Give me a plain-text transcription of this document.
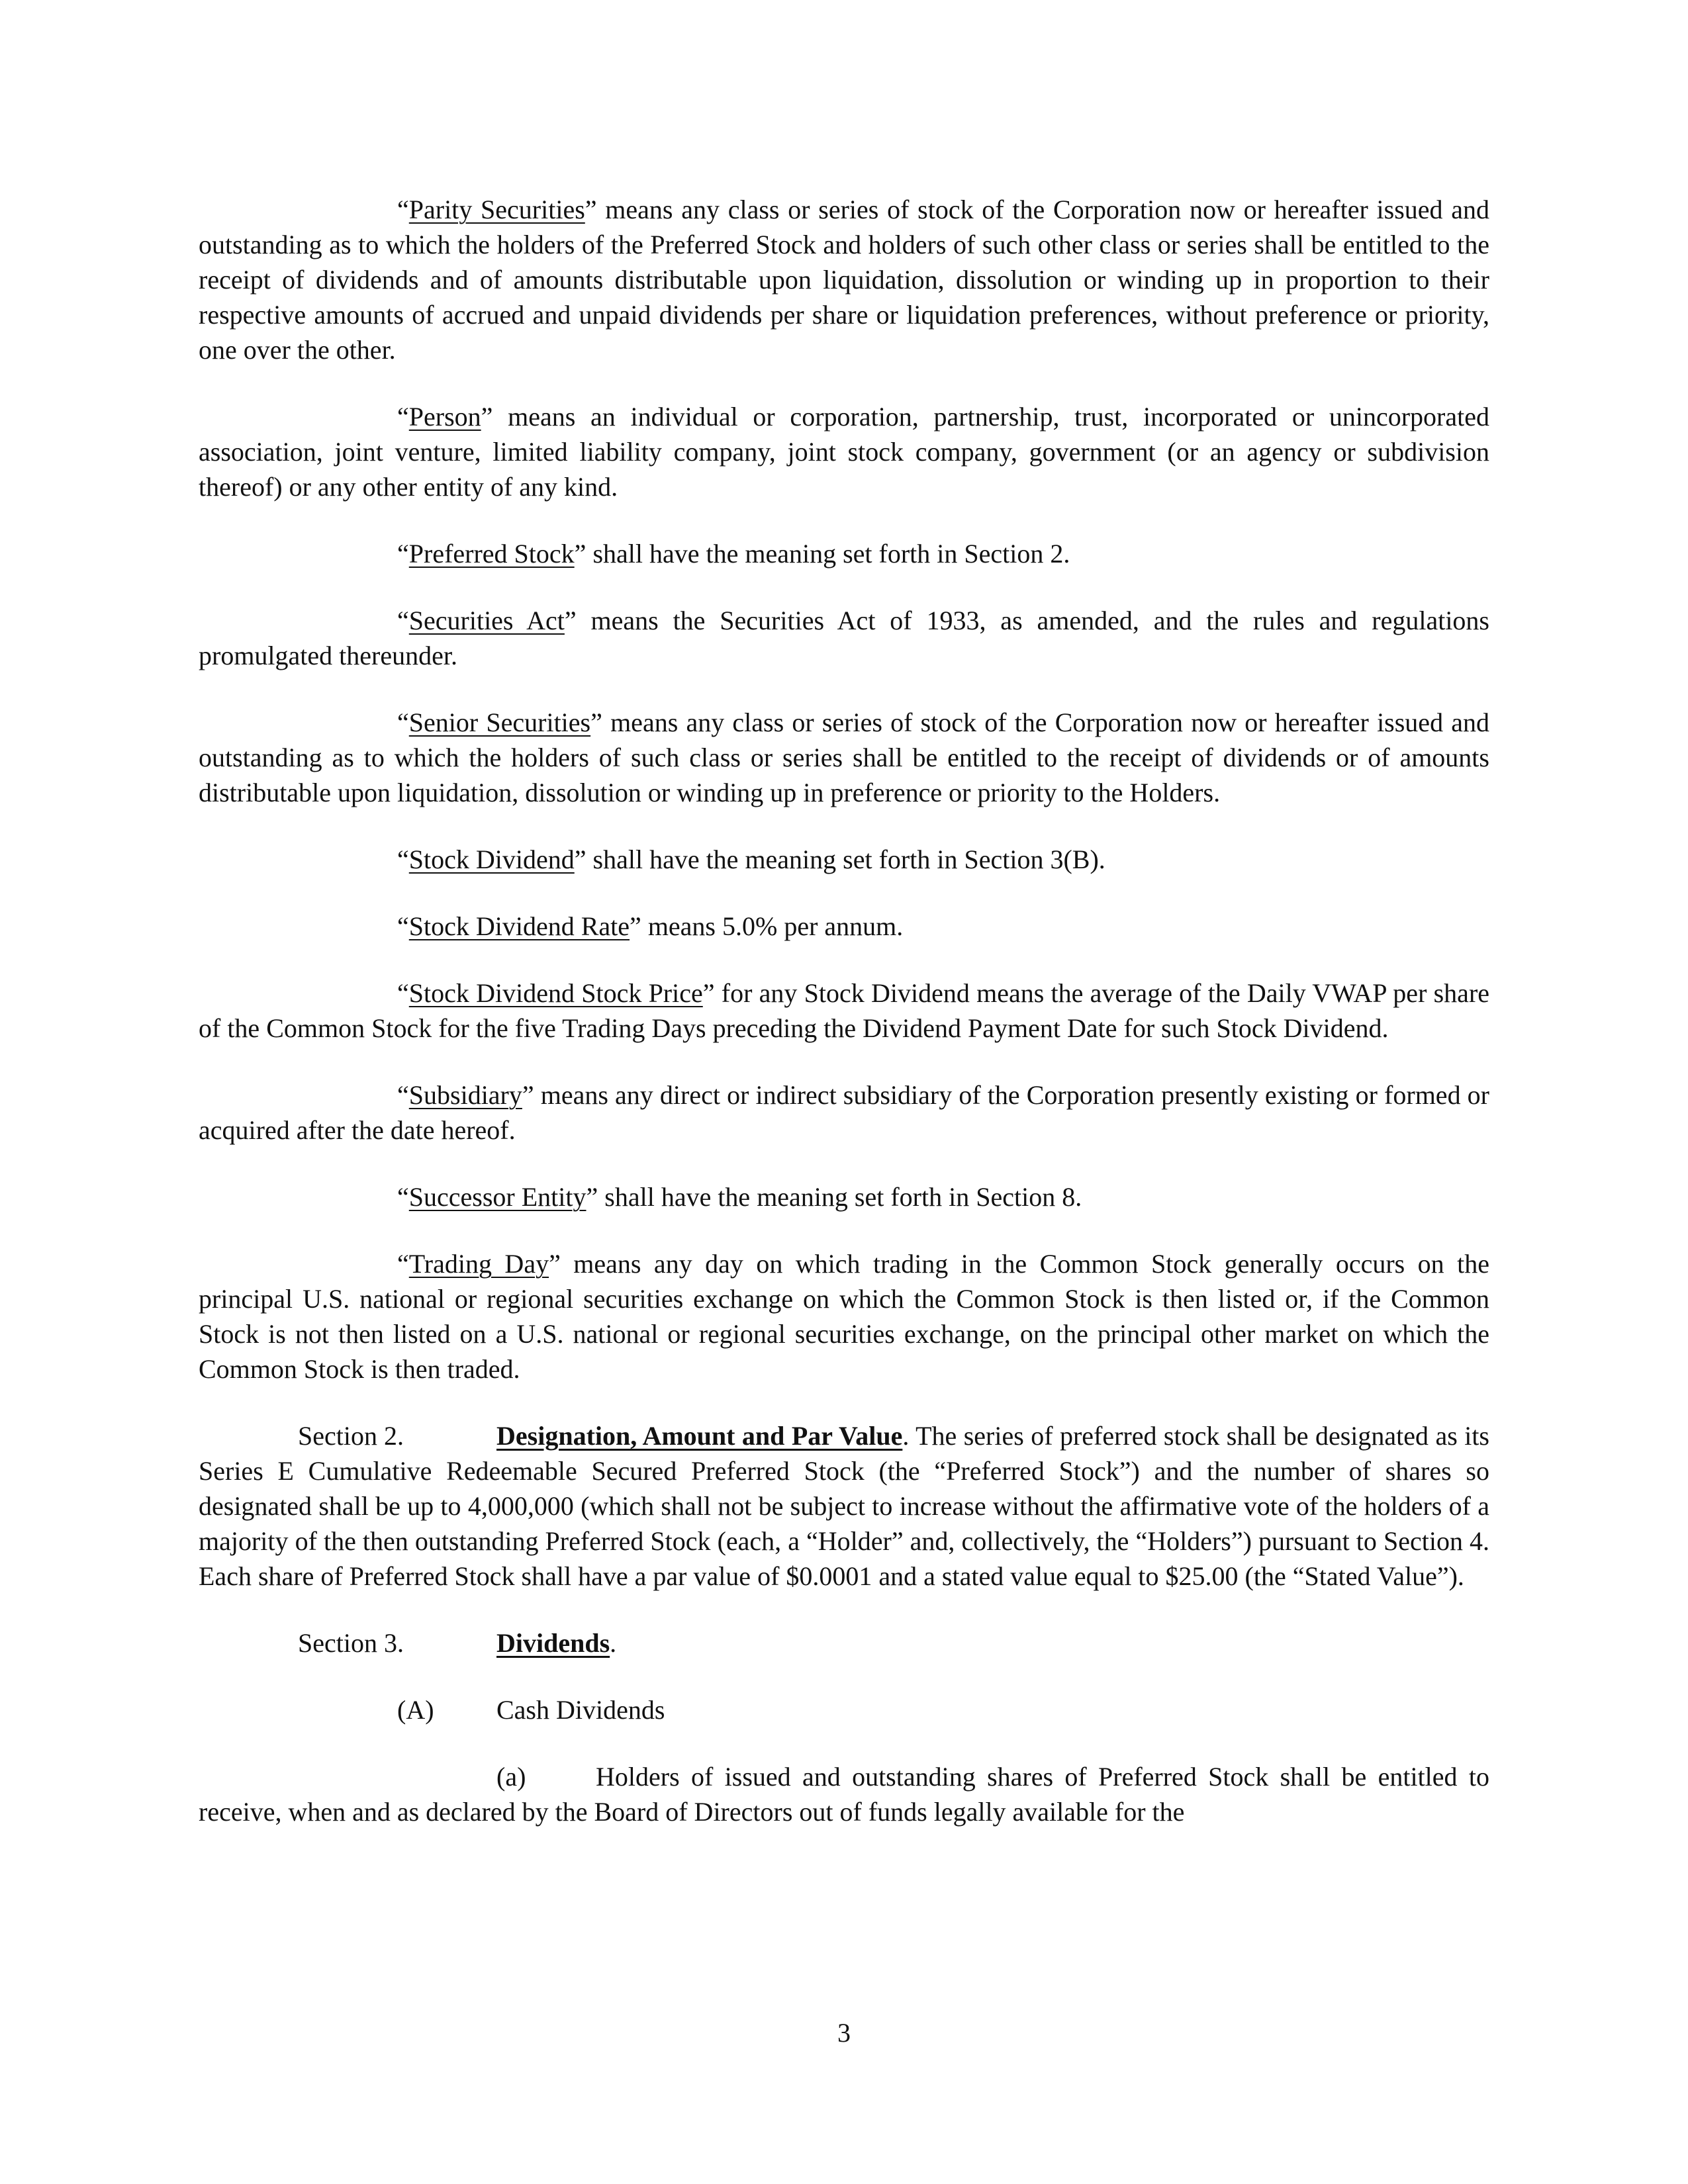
“Parity Securities” means any class or series of stock of the Corporation now or hereafter issued and outstanding as to which the holders of the Preferred Stock and holders of such other class or series shall be entitled to the receipt of dividends and of amounts distributable upon liquidation, dissolution or winding up in proportion to their respective amounts of accrued and unpaid dividends per share or liquidation preferences, without preference or priority, one over the other.

“Person” means an individual or corporation, partnership, trust, incorporated or unincorporated association, joint venture, limited liability company, joint stock company, government (or an agency or subdivision thereof) or any other entity of any kind.

“Preferred Stock” shall have the meaning set forth in Section 2.

“Securities Act” means the Securities Act of 1933, as amended, and the rules and regulations promulgated thereunder.

“Senior Securities” means any class or series of stock of the Corporation now or hereafter issued and outstanding as to which the holders of such class or series shall be entitled to the receipt of dividends or of amounts distributable upon liquidation, dissolution or winding up in preference or priority to the Holders.

“Stock Dividend” shall have the meaning set forth in Section 3(B).

“Stock Dividend Rate” means 5.0% per annum.

“Stock Dividend Stock Price” for any Stock Dividend means the average of the Daily VWAP per share of the Common Stock for the five Trading Days preceding the Dividend Payment Date for such Stock Dividend.

“Subsidiary” means any direct or indirect subsidiary of the Corporation presently existing or formed or acquired after the date hereof.

“Successor Entity” shall have the meaning set forth in Section 8.

“Trading Day” means any day on which trading in the Common Stock generally occurs on the principal U.S. national or regional securities exchange on which the Common Stock is then listed or, if the Common Stock is not then listed on a U.S. national or regional securities exchange, on the principal other market on which the Common Stock is then traded.

Section 2.	Designation, Amount and Par Value. The series of preferred stock shall be designated as its Series E Cumulative Redeemable Secured Preferred Stock (the “Preferred Stock”) and the number of shares so designated shall be up to 4,000,000 (which shall not be subject to increase without the affirmative vote of the holders of a majority of the then outstanding Preferred Stock (each, a “Holder” and, collectively, the “Holders”) pursuant to Section 4. Each share of Preferred Stock shall have a par value of $0.0001 and a stated value equal to $25.00 (the “Stated Value”).

Section 3.	Dividends.

(A) Cash Dividends

(a)	Holders of issued and outstanding shares of Preferred Stock shall be entitled to receive, when and as declared by the Board of Directors out of funds legally available for the

3
